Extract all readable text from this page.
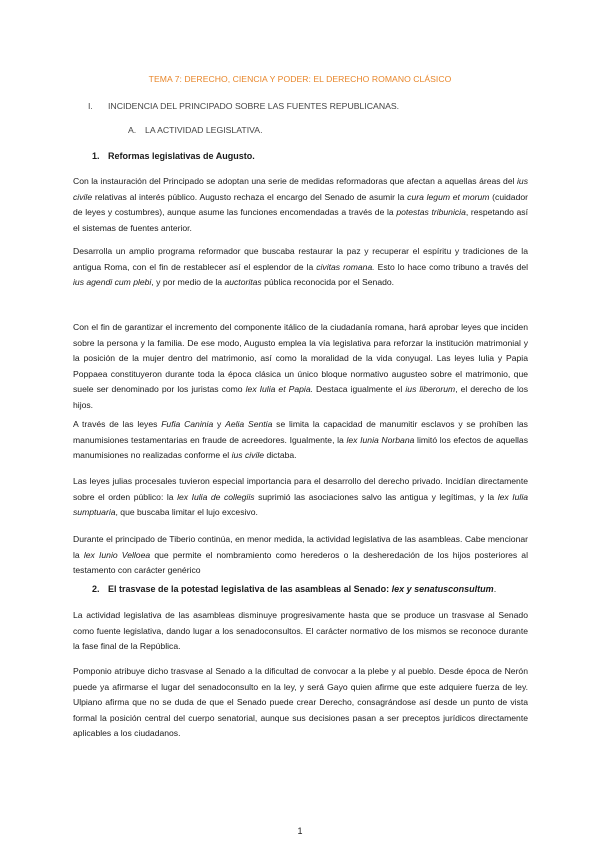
TEMA 7: DERECHO, CIENCIA Y PODER: EL DERECHO ROMANO CLÁSICO
I. INCIDENCIA DEL PRINCIPADO SOBRE LAS FUENTES REPUBLICANAS.
A. LA ACTIVIDAD LEGISLATIVA.
1. Reformas legislativas de Augusto.
Con la instauración del Principado se adoptan una serie de medidas reformadoras que afectan a aquellas áreas del ius civile relativas al interés público. Augusto rechaza el encargo del Senado de asumir la cura legum et morum (cuidador de leyes y costumbres), aunque asume las funciones encomendadas a través de la potestas tribunicia, respetando así el sistemas de fuentes anterior.
Desarrolla un amplio programa reformador que buscaba restaurar la paz y recuperar el espíritu y tradiciones de la antigua Roma, con el fin de restablecer así el esplendor de la civitas romana. Esto lo hace como tribuno a través del ius agendi cum plebi, y por medio de la auctoritas pública reconocida por el Senado.
Con el fin de garantizar el incremento del componente itálico de la ciudadanía romana, hará aprobar leyes que inciden sobre la persona y la familia. De ese modo, Augusto emplea la vía legislativa para reforzar la institución matrimonial y la posición de la mujer dentro del matrimonio, así como la moralidad de la vida conyugal. Las leyes Iulia y Papia Poppaea constituyeron durante toda la época clásica un único bloque normativo augusteo sobre el matrimonio, que suele ser denominado por los juristas como lex Iulia et Papia. Destaca igualmente el ius liberorum, el derecho de los hijos.
A través de las leyes Fufia Caninia y Aelia Sentia se limita la capacidad de manumitir esclavos y se prohíben las manumisiones testamentarias en fraude de acreedores. Igualmente, la lex Iunia Norbana limitó los efectos de aquellas manumisiones no realizadas conforme el ius civile dictaba.
Las leyes julias procesales tuvieron especial importancia para el desarrollo del derecho privado. Incidían directamente sobre el orden público: la lex Iulia de collegiis suprimió las asociaciones salvo las antigua y legítimas, y la lex Iulia sumptuaria, que buscaba limitar el lujo excesivo.
Durante el principado de Tiberio continúa, en menor medida, la actividad legislativa de las asambleas. Cabe mencionar la lex Iunio Velloea que permite el nombramiento como herederos o la desheredación de los hijos posteriores al testamento con carácter genérico
2. El trasvase de la potestad legislativa de las asambleas al Senado: lex y senatusconsultum.
La actividad legislativa de las asambleas disminuye progresivamente hasta que se produce un trasvase al Senado como fuente legislativa, dando lugar a los senadoconsultos. El carácter normativo de los mismos se reconoce durante la fase final de la República.
Pomponio atribuye dicho trasvase al Senado a la dificultad de convocar a la plebe y al pueblo. Desde época de Nerón puede ya afirmarse el lugar del senadoconsulto en la ley, y será Gayo quien afirme que este adquiere fuerza de ley. Ulpiano afirma que no se duda de que el Senado puede crear Derecho, consagrándose así desde un punto de vista formal la posición central del cuerpo senatorial, aunque sus decisiones pasan a ser preceptos jurídicos directamente aplicables a los ciudadanos.
1
